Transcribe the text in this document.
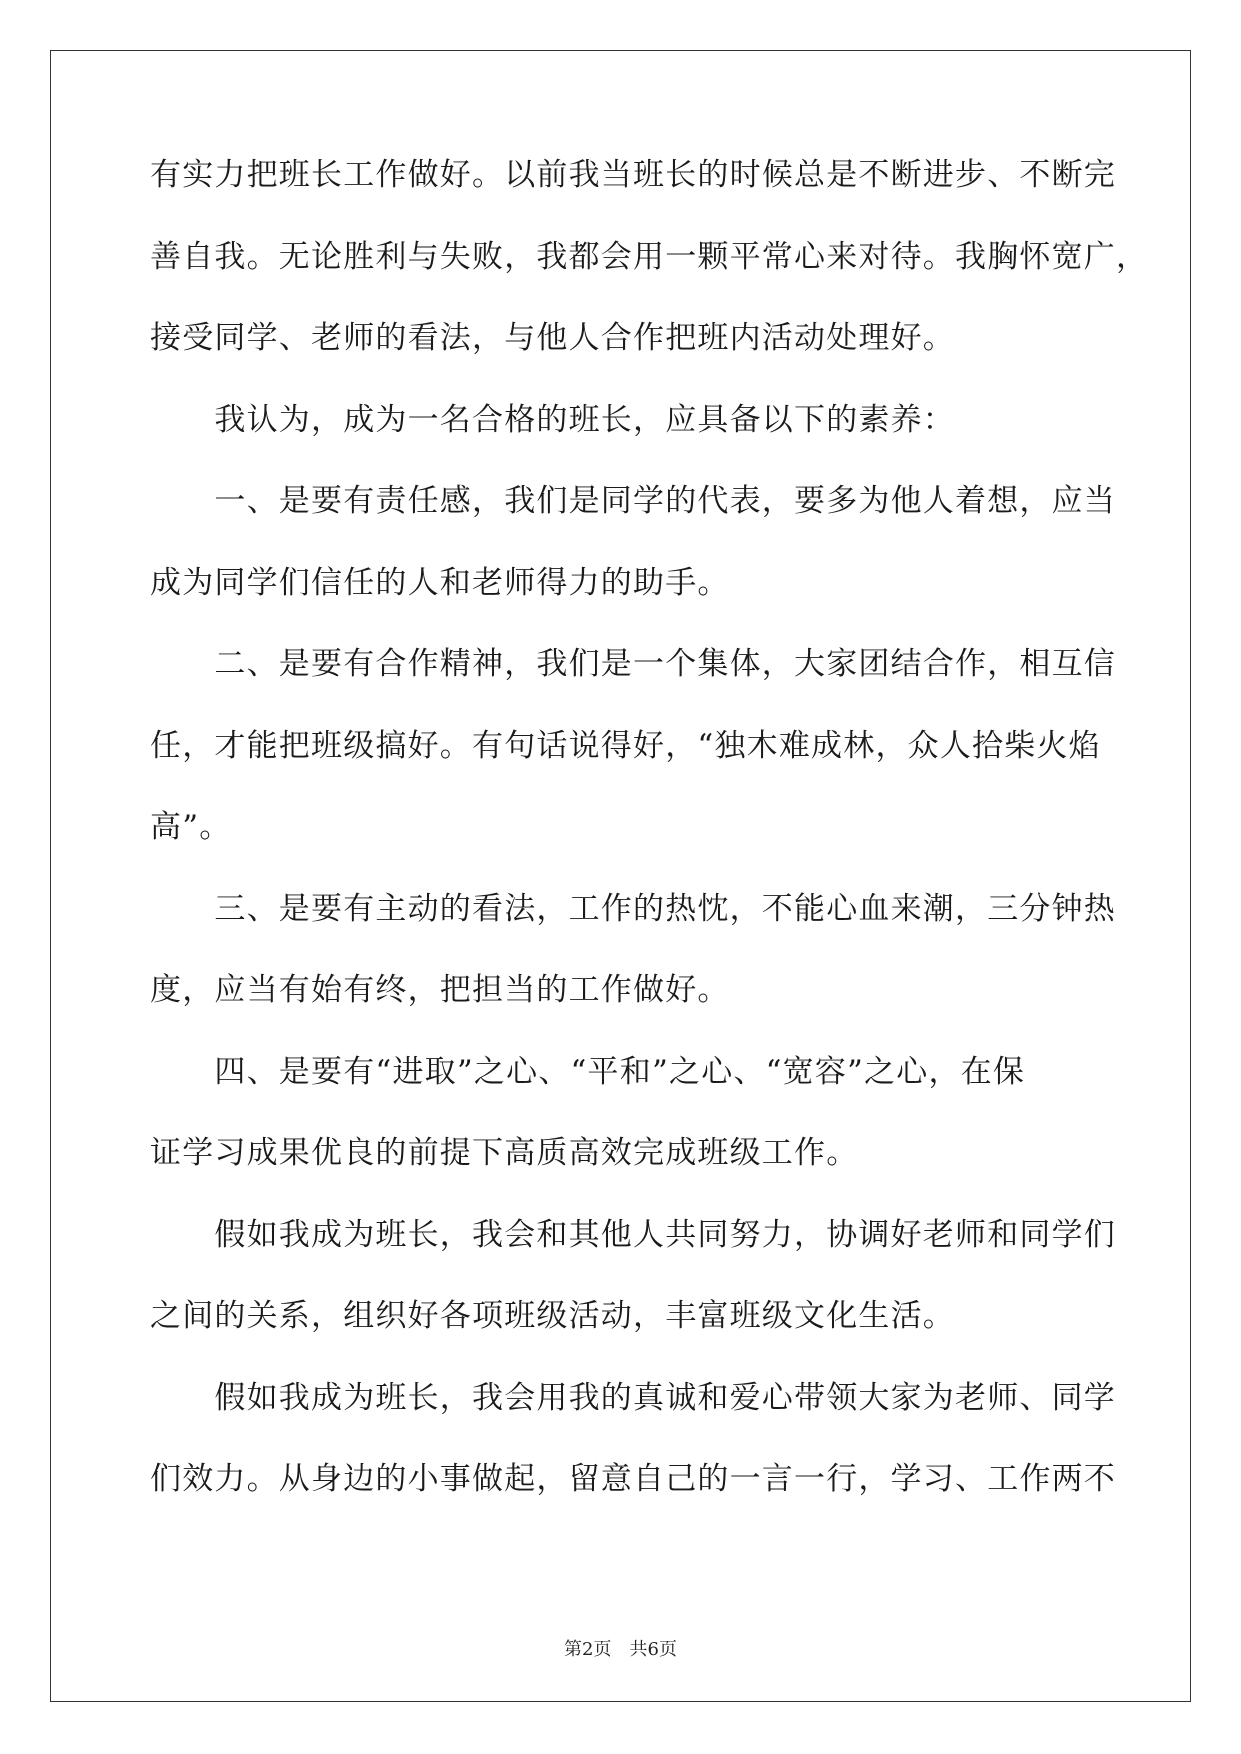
有实力把班长工作做好。以前我当班长的时候总是不断进步、不断完
善自我。无论胜利与失败，我都会用一颗平常心来对待。我胸怀宽广，
接受同学、老师的看法，与他人合作把班内活动处理好。
　　我认为，成为一名合格的班长，应具备以下的素养：
　　一、是要有责任感，我们是同学的代表，要多为他人着想，应当
成为同学们信任的人和老师得力的助手。
　　二、是要有合作精神，我们是一个集体，大家团结合作，相互信
任，才能把班级搞好。有句话说得好，“独木难成林，众人拾柴火焰
高”。
　　三、是要有主动的看法，工作的热忱，不能心血来潮，三分钟热
度，应当有始有终，把担当的工作做好。
　　四、是要有“进取”之心、“平和”之心、“宽容”之心，在保
证学习成果优良的前提下高质高效完成班级工作。
　　假如我成为班长，我会和其他人共同努力，协调好老师和同学们
之间的关系，组织好各项班级活动，丰富班级文化生活。
　　假如我成为班长，我会用我的真诚和爱心带领大家为老师、同学
们效力。从身边的小事做起，留意自己的一言一行，学习、工作两不
第2页　共6页
